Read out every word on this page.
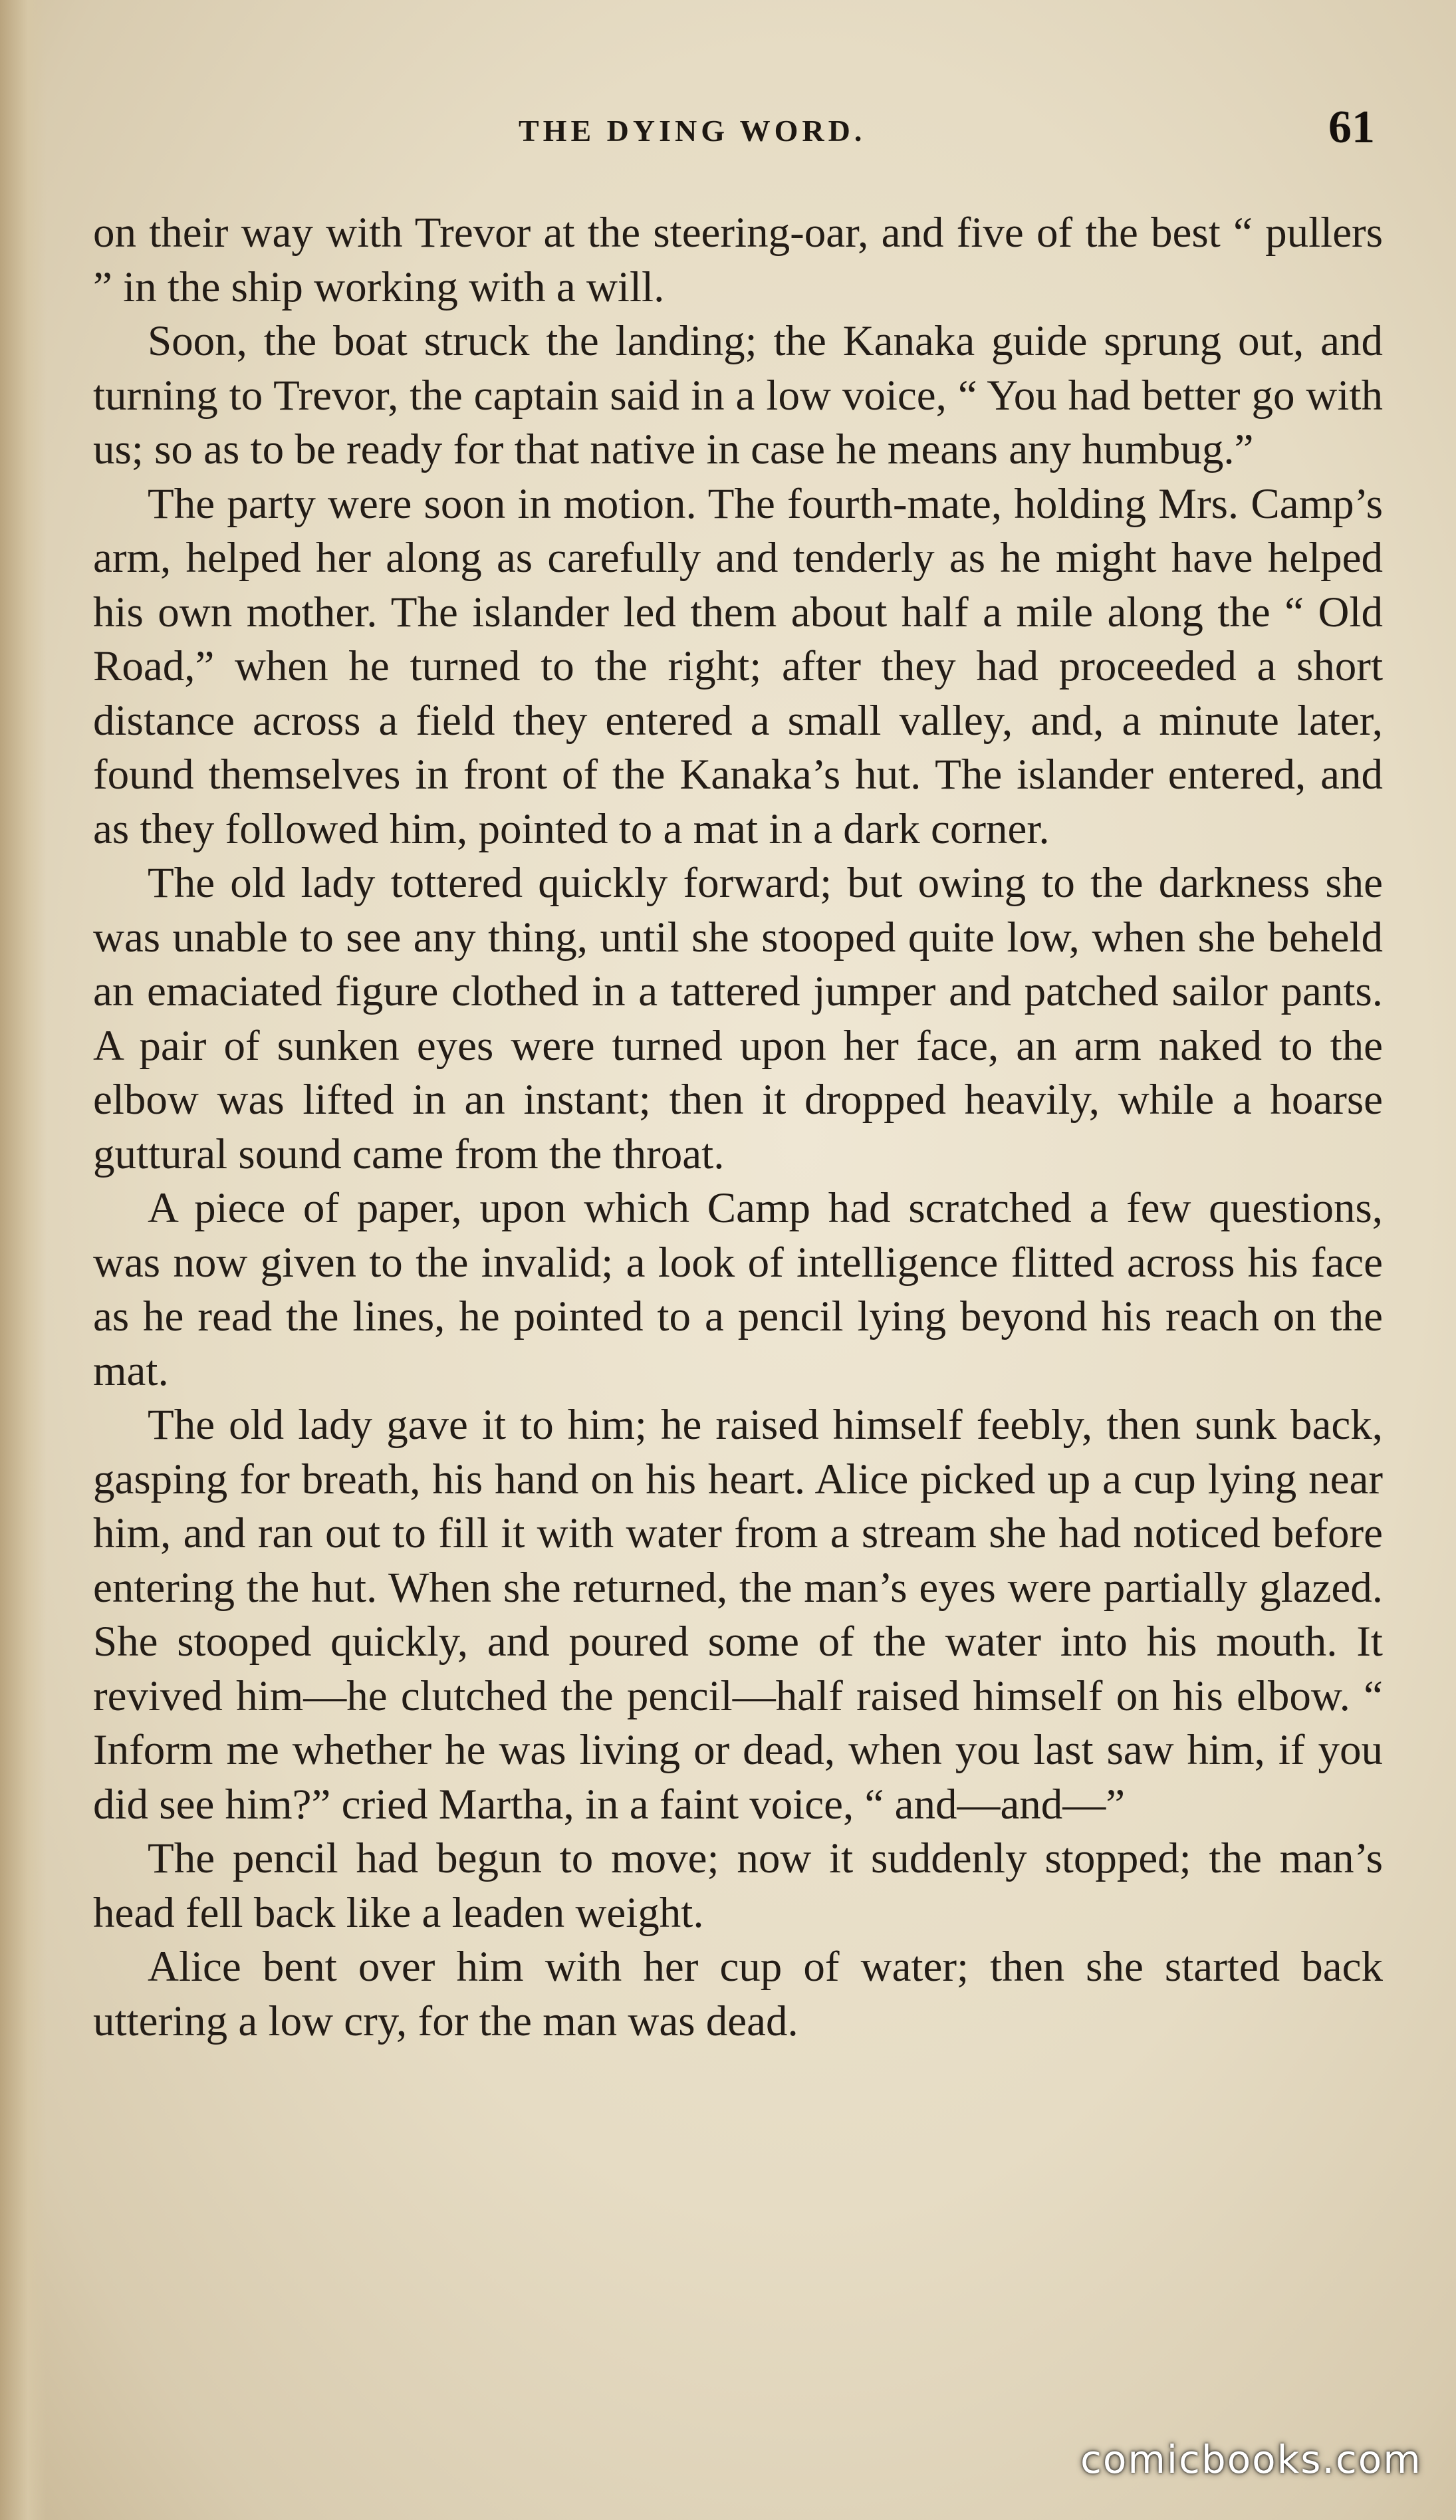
THE DYING WORD.	61

on their way with Trevor at the steering-oar, and five of the best “ pullers ” in the ship working with a will.

Soon, the boat struck the landing; the Kanaka guide sprung out, and turning to Trevor, the captain said in a low voice, “ You had better go with us; so as to be ready for that native in case he means any humbug.”

The party were soon in motion. The fourth-mate, holding Mrs. Camp’s arm, helped her along as carefully and tenderly as he might have helped his own mother. The islander led them about half a mile along the “ Old Road,” when he turned to the right; after they had proceeded a short distance across a field they entered a small valley, and, a minute later, found themselves in front of the Kanaka’s hut. The islander entered, and as they followed him, pointed to a mat in a dark corner.

The old lady tottered quickly forward; but owing to the darkness she was unable to see any thing, until she stooped quite low, when she beheld an emaciated figure clothed in a tattered jumper and patched sailor pants. A pair of sunken eyes were turned upon her face, an arm naked to the elbow was lifted in an instant; then it dropped heavily, while a hoarse guttural sound came from the throat.

A piece of paper, upon which Camp had scratched a few questions, was now given to the invalid; a look of intelligence flitted across his face as he read the lines, he pointed to a pencil lying beyond his reach on the mat.

The old lady gave it to him; he raised himself feebly, then sunk back, gasping for breath, his hand on his heart. Alice picked up a cup lying near him, and ran out to fill it with water from a stream she had noticed before entering the hut. When she returned, the man’s eyes were partially glazed. She stooped quickly, and poured some of the water into his mouth. It revived him—he clutched the pencil—half raised himself on his elbow. “ Inform me whether he was living or dead, when you last saw him, if you did see him?” cried Martha, in a faint voice, “ and—and—”

The pencil had begun to move; now it suddenly stopped; the man’s head fell back like a leaden weight.

Alice bent over him with her cup of water; then she started back uttering a low cry, for the man was dead.

comicbooks.com
